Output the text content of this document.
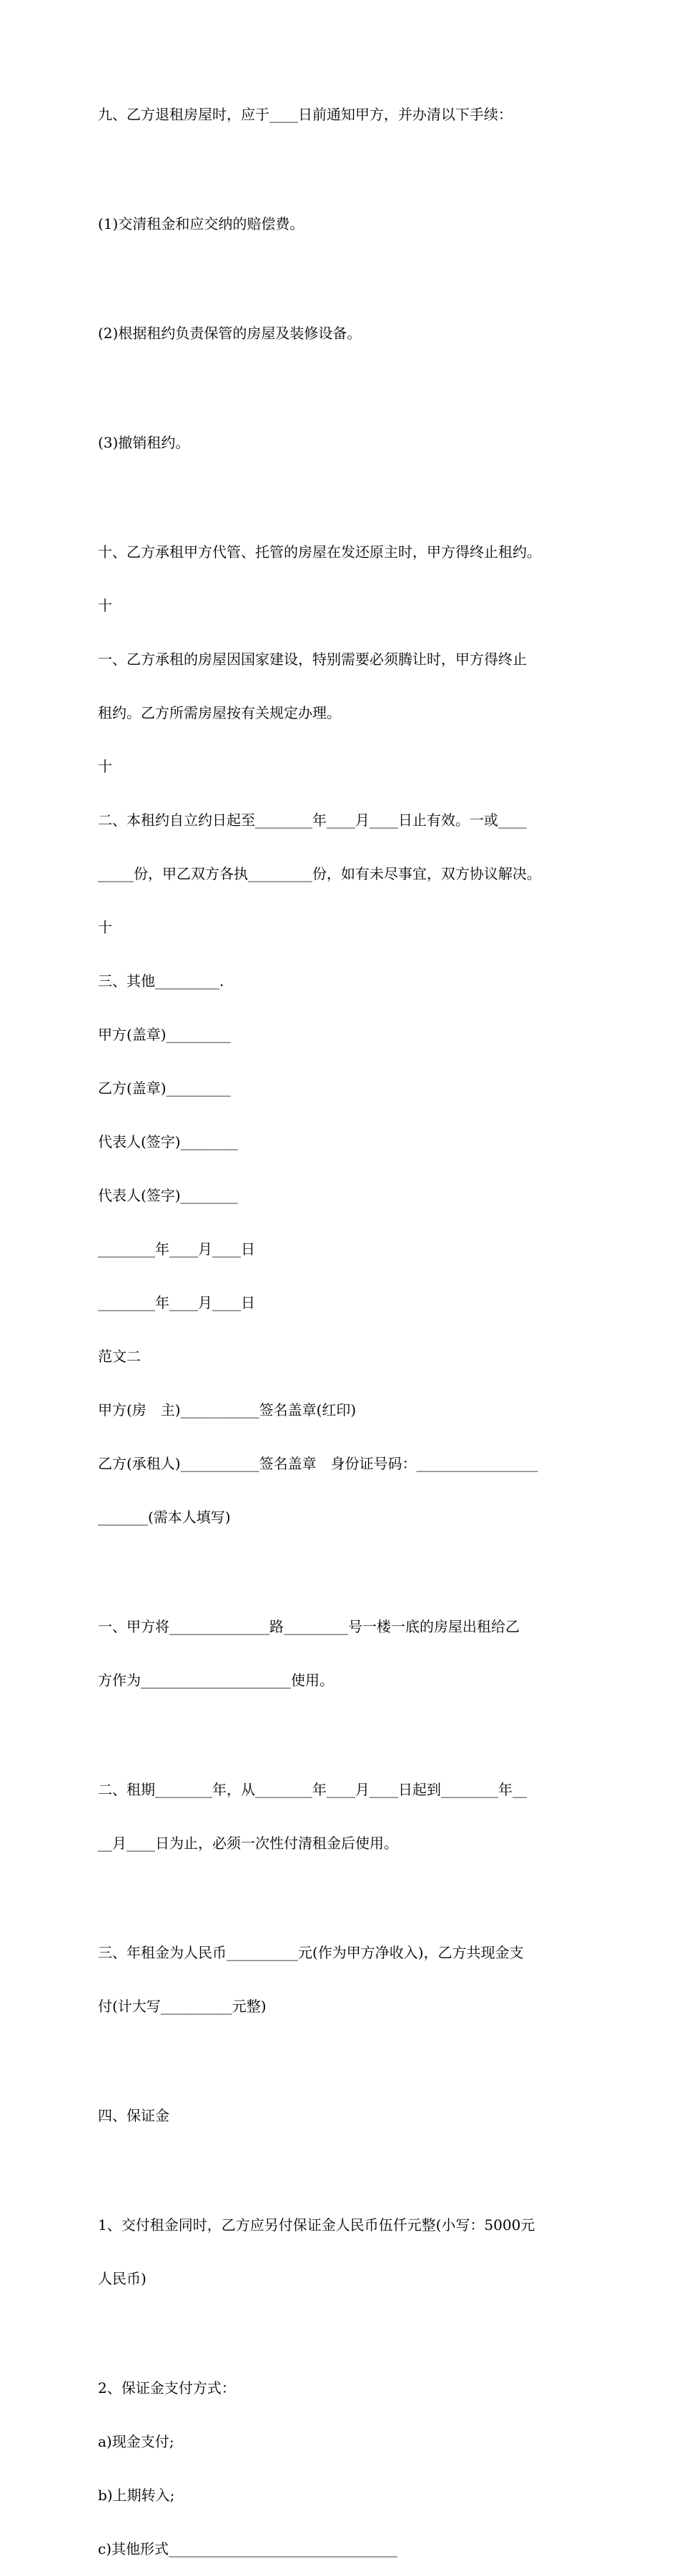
九、乙方退租房屋时，应于____日前通知甲方，并办清以下手续：

(1)交清租金和应交纳的赔偿费。

(2)根据租约负责保管的房屋及装修设备。

(3)撤销租约。

十、乙方承租甲方代管、托管的房屋在发还原主时，甲方得终止租约。

十

一、乙方承租的房屋因国家建设，特别需要必须腾让时，甲方得终止

租约。乙方所需房屋按有关规定办理。

十

二、本租约自立约日起至________年____月____日止有效。一或____

_____份，甲乙双方各执_________份，如有未尽事宜，双方协议解决。

十

三、其他_________.

甲方(盖章)_________

乙方(盖章)_________

代表人(签字)________

代表人(签字)________

________年____月____日

________年____月____日

范文二

甲方(房　主)___________签名盖章(红印)

乙方(承租人)___________签名盖章　身份证号码：_________________

_______(需本人填写)

一、甲方将______________路_________号一楼一底的房屋出租给乙

方作为_____________________使用。

二、租期________年，从________年____月____日起到________年__

__月____日为止，必须一次性付清租金后使用。

三、年租金为人民币__________元(作为甲方净收入)，乙方共现金支

付(计大写__________元整)

四、保证金

1、交付租金同时，乙方应另付保证金人民币伍仟元整(小写：5000元

人民币)

2、保证金支付方式：

a)现金支付;

b)上期转入;

c)其他形式________________________________
